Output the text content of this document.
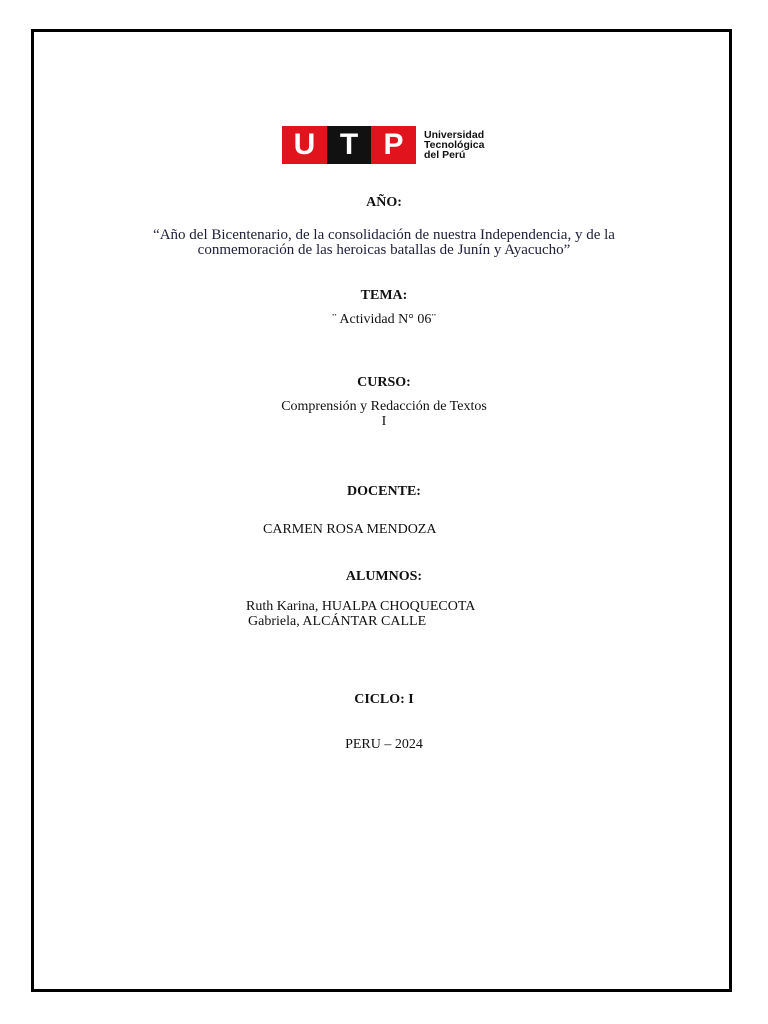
U T P	Universidad
Tecnológica
del Perú
AÑO:
“Año del Bicentenario, de la consolidación de nuestra Independencia, y de la
conmemoración de las heroicas batallas de Junín y Ayacucho”
TEMA:
¨ Actividad N° 06¨
CURSO:
Comprensión y Redacción de Textos
I
DOCENTE:
CARMEN ROSA MENDOZA
ALUMNOS:
Ruth Karina, HUALPA CHOQUECOTA
Gabriela, ALCÁNTAR CALLE
CICLO: I
PERU – 2024
